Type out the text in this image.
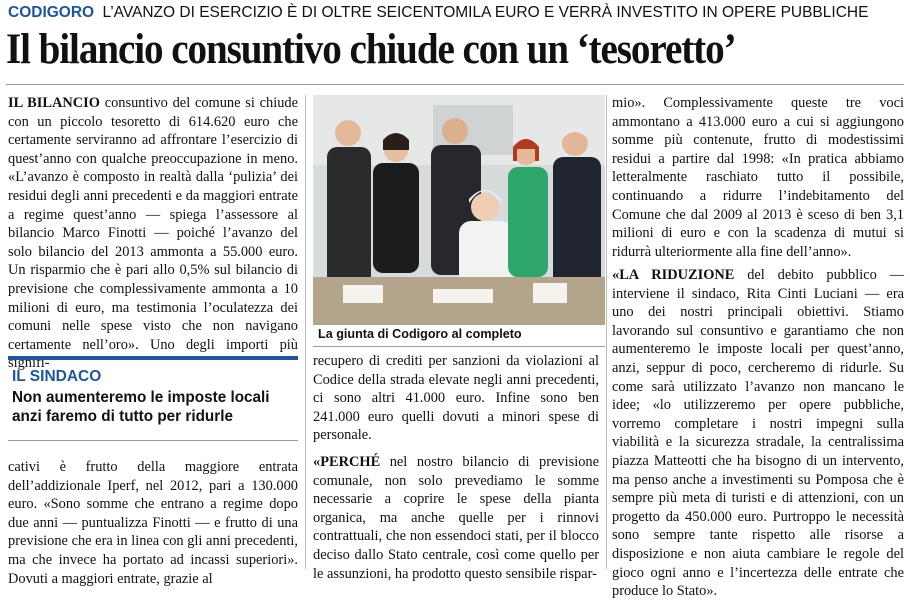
CODIGORO L’AVANZO DI ESERCIZIO È DI OLTRE SEICENTOMILA EURO E VERRÀ INVESTITO IN OPERE PUBBLICHE
Il bilancio consuntivo chiude con un ‘tesoretto’

IL BILANCIO consuntivo del comune si chiude con un piccolo tesoretto di 614.620 euro che certamente serviranno ad affrontare l’esercizio di quest’anno con qualche preoccupazione in meno. «L’avanzo è composto in realtà dalla ‘pulizia’ dei residui degli anni precedenti e da maggiori entrate a regime quest’anno — spiega l’assessore al bilancio Marco Finotti — poiché l’avanzo del solo bilancio del 2013 ammonta a 55.000 euro. Un risparmio che è pari allo 0,5% sul bilancio di previsione che complessivamente ammonta a 10 milioni di euro, ma testimonia l’oculatezza dei comuni nelle spese visto che non navigano certamente nell’oro». Uno degli importi più signifi-

IL SINDACO
Non aumenteremo le imposte locali anzi faremo di tutto per ridurle

cativi è frutto della maggiore entrata dell’addizionale Iperf, nel 2012, pari a 130.000 euro. «Sono somme che entrano a regime dopo due anni — puntualizza Finotti — e frutto di una previsione che era in linea con gli anni precedenti, ma che invece ha portato ad incassi superiori». Dovuti a maggiori entrate, grazie al

La giunta di Codigoro al completo

recupero di crediti per sanzioni da violazioni al Codice della strada elevate negli anni precedenti, ci sono altri 41.000 euro. Infine sono ben 241.000 euro quelli dovuti a minori spese di personale.

«PERCHÉ nel nostro bilancio di previsione comunale, non solo prevediamo le somme necessarie a coprire le spese della pianta organica, ma anche quelle per i rinnovi contrattuali, che non essendoci stati, per il blocco deciso dallo Stato centrale, così come quello per le assunzioni, ha prodotto questo sensibile rispar-

mio». Complessivamente queste tre voci ammontano a 413.000 euro a cui si aggiungono somme più contenute, frutto di modestissimi residui a partire dal 1998: «In pratica abbiamo letteralmente raschiato tutto il possibile, continuando a ridurre l’indebitamento del Comune che dal 2009 al 2013 è sceso di ben 3,1 milioni di euro e con la scadenza di mutui si ridurrà ulteriormente alla fine dell’anno».

«LA RIDUZIONE del debito pubblico — interviene il sindaco, Rita Cinti Luciani — era uno dei nostri principali obiettivi. Stiamo lavorando sul consuntivo e garantiamo che non aumenteremo le imposte locali per quest’anno, anzi, seppur di poco, cercheremo di ridurle. Su come sarà utilizzato l’avanzo non mancano le idee; «lo utilizzeremo per opere pubbliche, vorremo completare i nostri impegni sulla viabilità e la sicurezza stradale, la centralissima piazza Matteotti che ha bisogno di un intervento, ma penso anche a investimenti su Pomposa che è sempre più meta di turisti e di attenzioni, con un progetto da 450.000 euro. Purtroppo le necessità sono sempre tante rispetto alle risorse a disposizione e non aiuta cambiare le regole del gioco ogni anno e l’incertezza delle entrate che produce lo Stato».
